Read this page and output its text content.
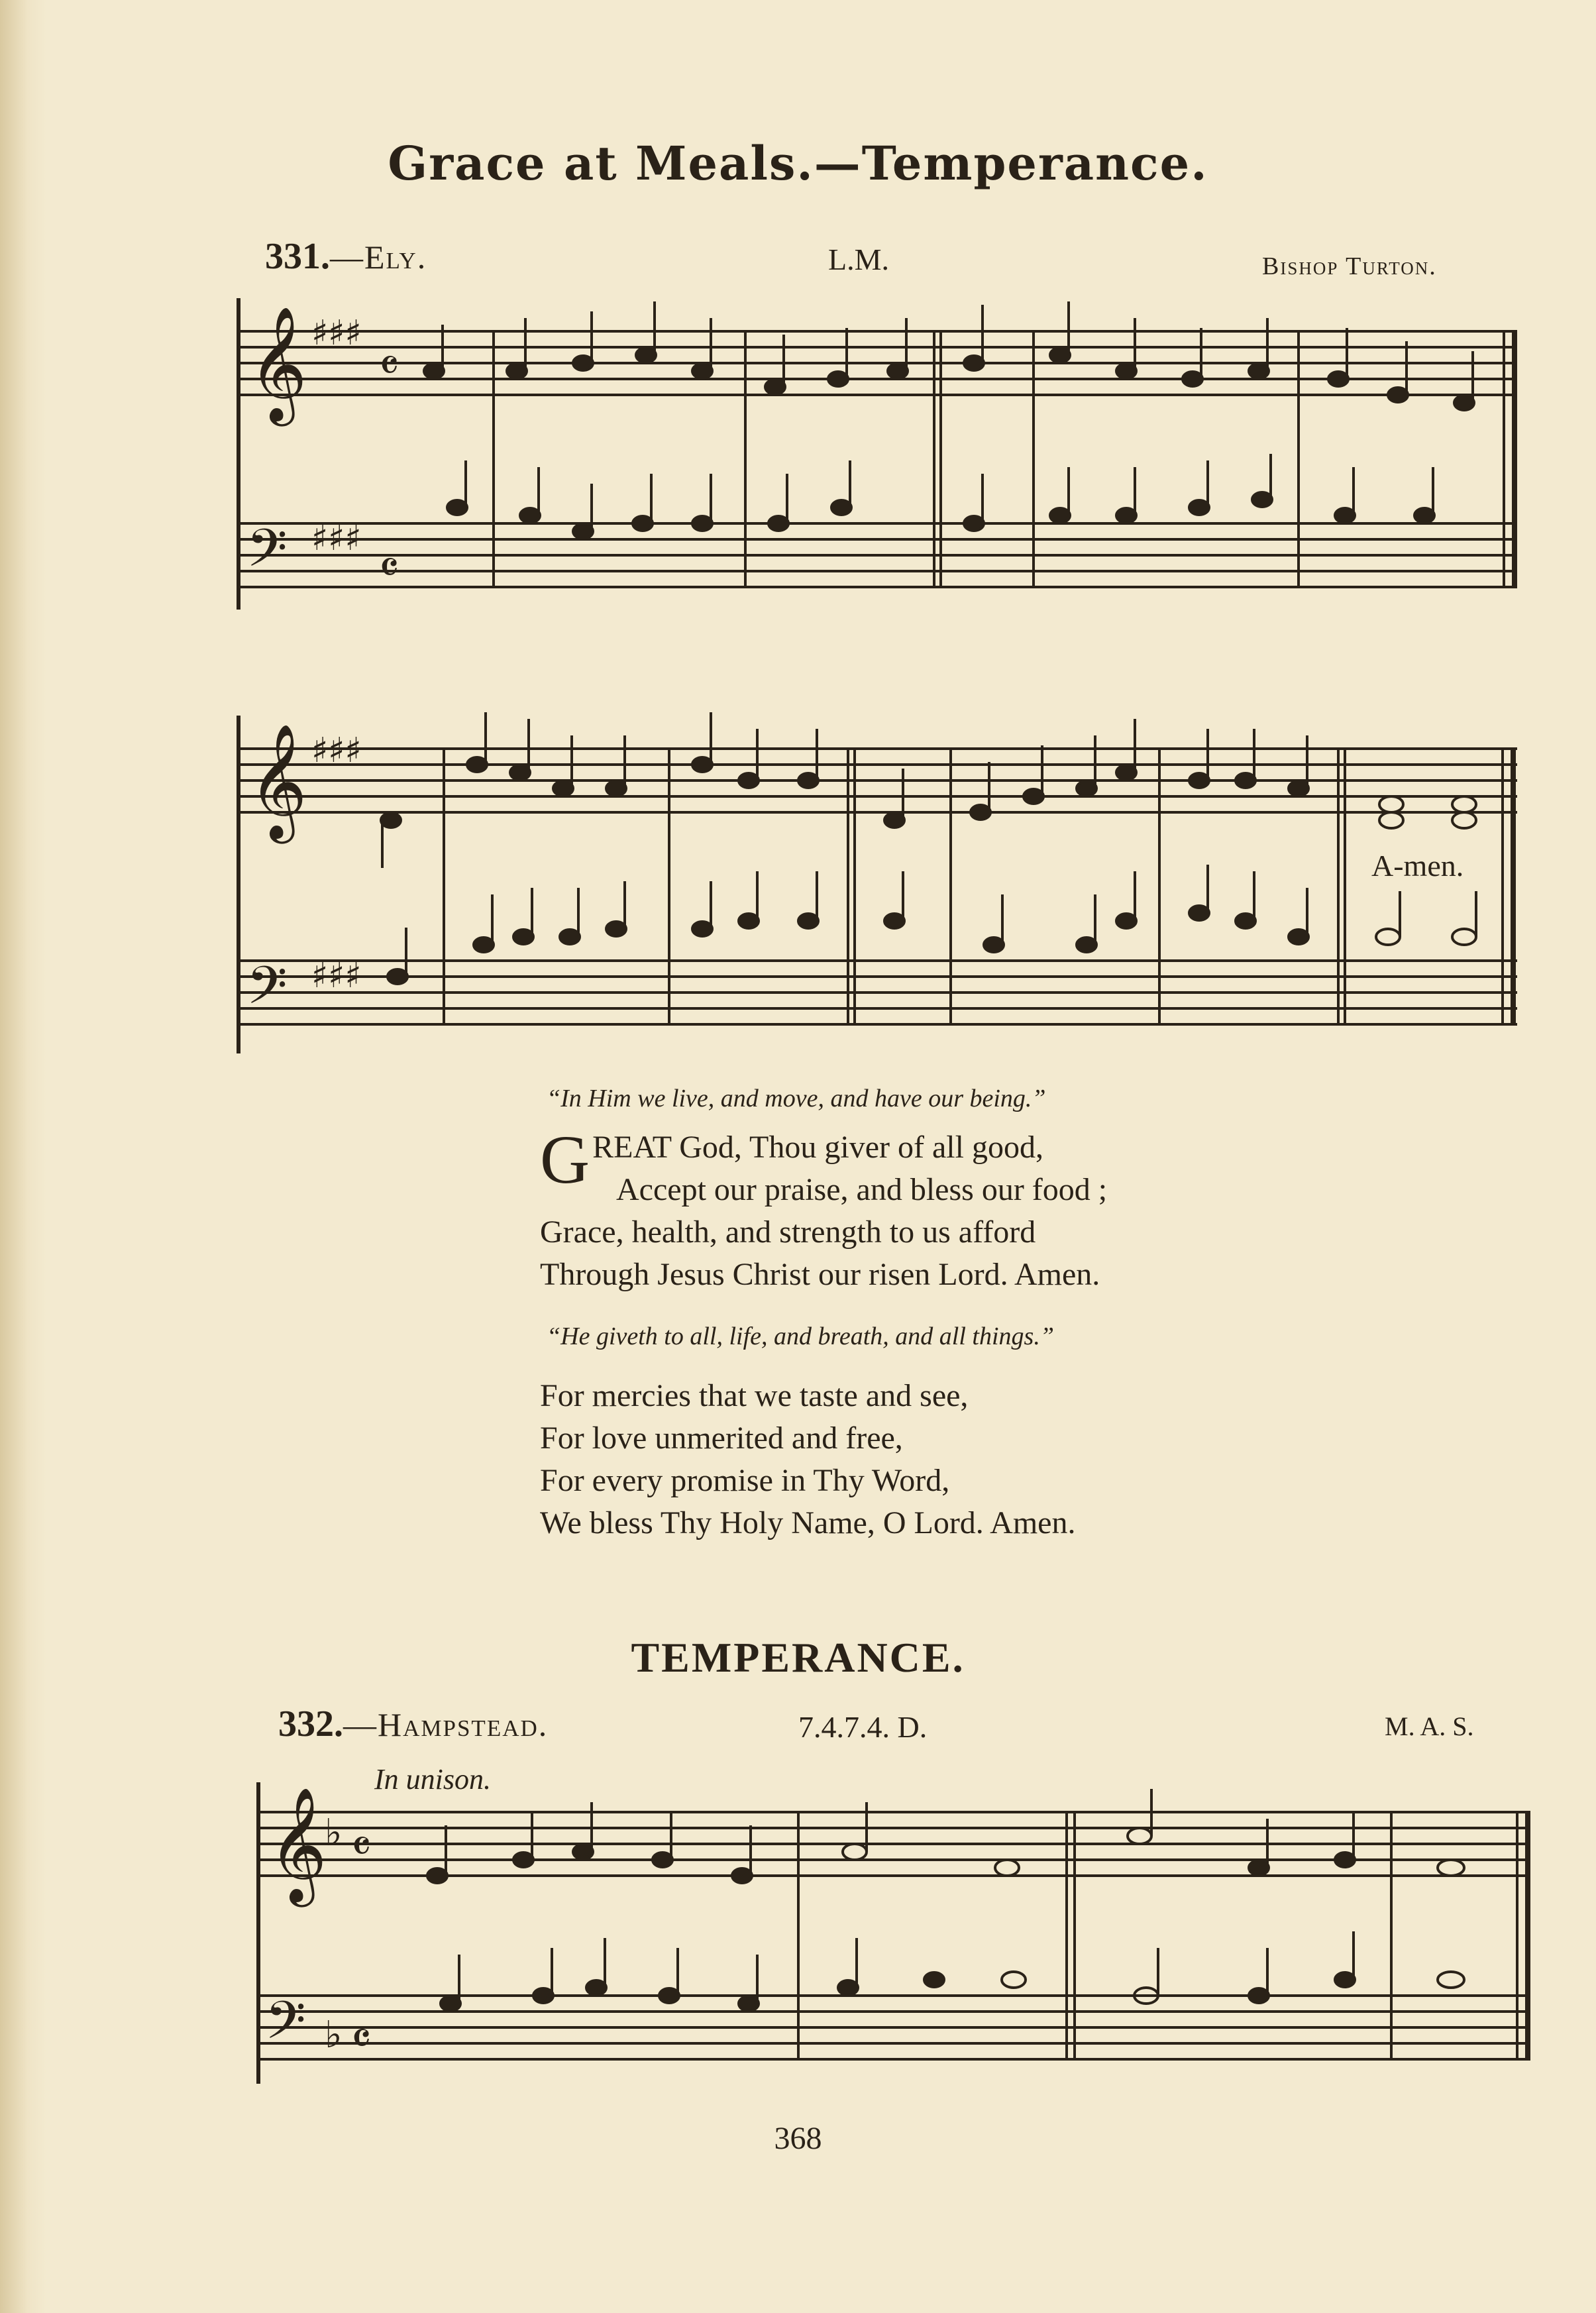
Grace at Meals.—Temperance.
331.—Ely.	L.M.	Bishop Turton.
𝄞
𝄢
♯♯♯
♯♯♯
𝄴
𝄴
𝄞
𝄢
♯♯♯
♯♯♯
𝄞
𝄢
♭
♭
𝄴
𝄴
A-men.
“In Him we live, and move, and have our being.”
GREAT God, Thou giver of all good,
Accept our praise, and bless our food ;
Grace, health, and strength to us afford
Through Jesus Christ our risen Lord. Amen.
“He giveth to all, life, and breath, and all things.”
For mercies that we taste and see,
For love unmerited and free,
For every promise in Thy Word,
We bless Thy Holy Name, O Lord. Amen.
TEMPERANCE.
332.—Hampstead.	7.4.7.4. D.	M. A. S.
In unison.
368
